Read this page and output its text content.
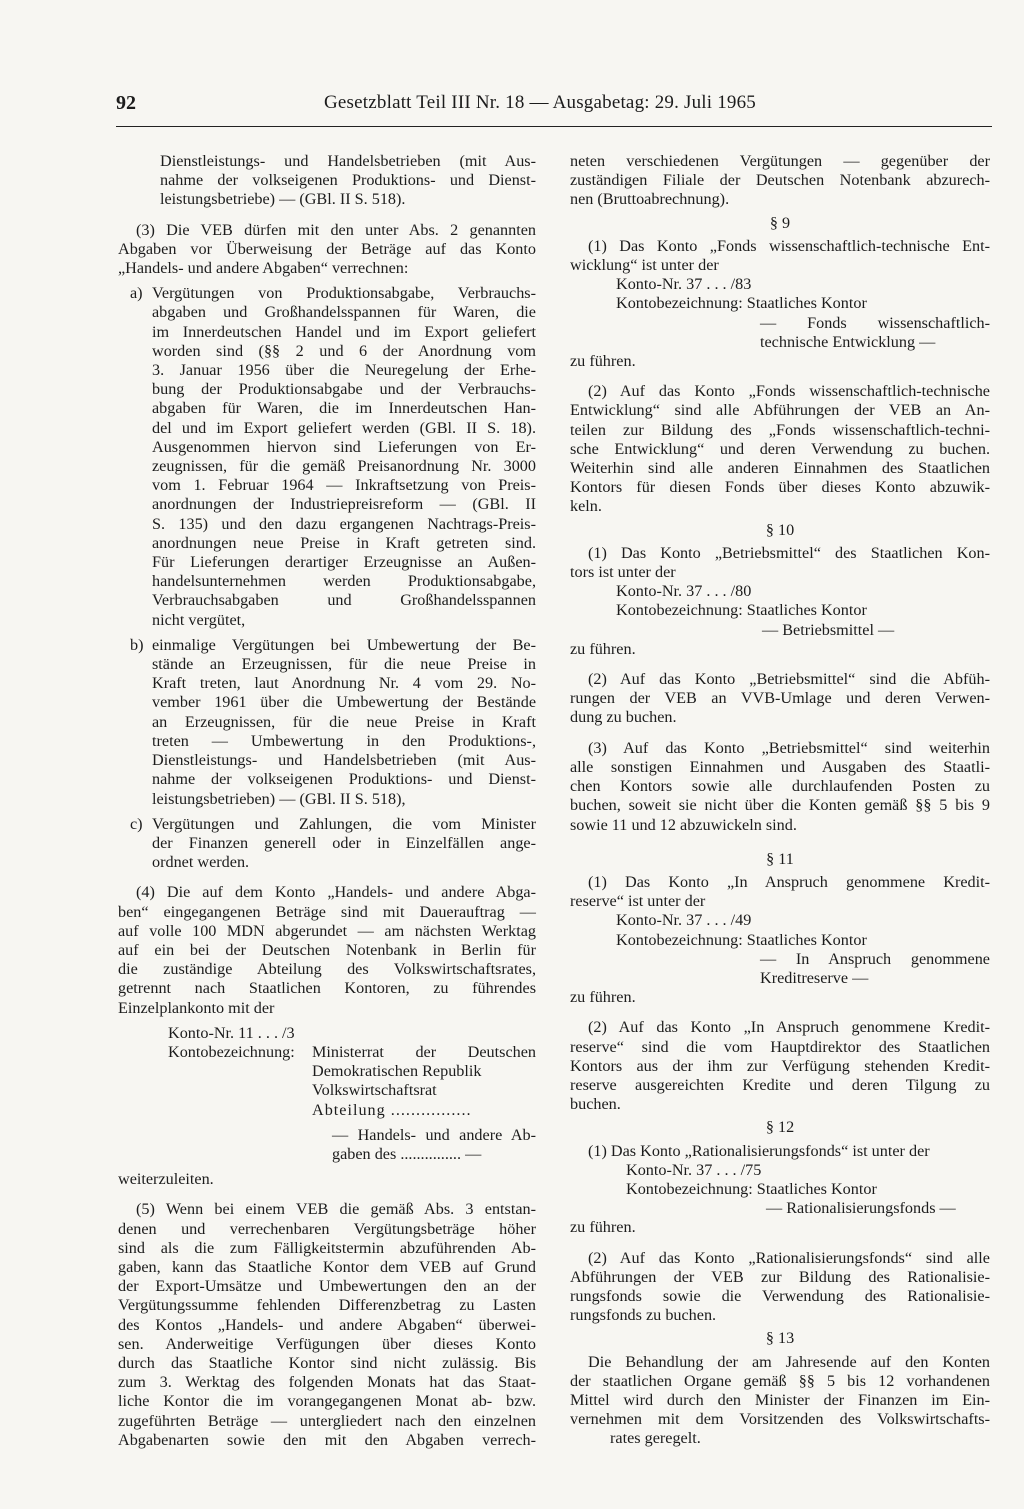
92	Gesetzblatt Teil III Nr. 18 — Ausgabetag: 29. Juli 1965

Dienstleistungs- und Handelsbetrieben (mit Aus-

nahme der volkseigenen Produktions- und Dienst-

leistungsbetriebe) — (GBl. II S. 518).

(3) Die VEB dürfen mit den unter Abs. 2 genannten

Abgaben vor Überweisung der Beträge auf das Konto

„Handels- und andere Abgaben“ verrechnen:

a) Vergütungen von Produktionsabgabe, Verbrauchs-

abgaben und Großhandelsspannen für Waren, die

im Innerdeutschen Handel und im Export geliefert

worden sind (§§ 2 und 6 der Anordnung vom

3. Januar 1956 über die Neuregelung der Erhe-

bung der Produktionsabgabe und der Verbrauchs-

abgaben für Waren, die im Innerdeutschen Han-

del und im Export geliefert werden (GBl. II S. 18).

Ausgenommen hiervon sind Lieferungen von Er-

zeugnissen, für die gemäß Preisanordnung Nr. 3000

vom 1. Februar 1964 — Inkraftsetzung von Preis-

anordnungen der Industriepreisreform — (GBl. II

S. 135) und den dazu ergangenen Nachtrags-Preis-

anordnungen neue Preise in Kraft getreten sind.

Für Lieferungen derartiger Erzeugnisse an Außen-

handelsunternehmen werden Produktionsabgabe,

Verbrauchsabgaben und Großhandelsspannen

nicht vergütet,

b) einmalige Vergütungen bei Umbewertung der Be-

stände an Erzeugnissen, für die neue Preise in

Kraft treten, laut Anordnung Nr. 4 vom 29. No-

vember 1961 über die Umbewertung der Bestände

an Erzeugnissen, für die neue Preise in Kraft

treten — Umbewertung in den Produktions-,

Dienstleistungs- und Handelsbetrieben (mit Aus-

nahme der volkseigenen Produktions- und Dienst-

leistungsbetrieben) — (GBl. II S. 518),

c) Vergütungen und Zahlungen, die vom Minister

der Finanzen generell oder in Einzelfällen ange-

ordnet werden.

(4) Die auf dem Konto „Handels- und andere Abga-

ben“ eingegangenen Beträge sind mit Dauerauftrag —

auf volle 100 MDN abgerundet — am nächsten Werktag

auf ein bei der Deutschen Notenbank in Berlin für

die zuständige Abteilung des Volkswirtschaftsrates,

getrennt nach Staatlichen Kontoren, zu führendes

Einzelplankonto mit der

Konto-Nr. 11 . . . /3

Kontobezeichnung:	Ministerrat der Deutschen

Demokratischen Republik

Volkswirtschaftsrat

Abteilung ................

— Handels- und andere Ab-

gaben des ............... —

weiterzuleiten.

(5) Wenn bei einem VEB die gemäß Abs. 3 entstan-

denen und verrechenbaren Vergütungsbeträge höher

sind als die zum Fälligkeitstermin abzuführenden Ab-

gaben, kann das Staatliche Kontor dem VEB auf Grund

der Export-Umsätze und Umbewertungen den an der

Vergütungssumme fehlenden Differenzbetrag zu Lasten

des Kontos „Handels- und andere Abgaben“ überwei-

sen. Anderweitige Verfügungen über dieses Konto

durch das Staatliche Kontor sind nicht zulässig. Bis

zum 3. Werktag des folgenden Monats hat das Staat-

liche Kontor die im vorangegangenen Monat ab- bzw.

zugeführten Beträge — untergliedert nach den einzelnen

Abgabenarten sowie den mit den Abgaben verrech-

neten verschiedenen Vergütungen — gegenüber der

zuständigen Filiale der Deutschen Notenbank abzurech-

nen (Bruttoabrechnung).

§ 9

(1) Das Konto „Fonds wissenschaftlich-technische Ent-

wicklung“ ist unter der

Konto-Nr. 37 . . . /83

Kontobezeichnung: Staatliches Kontor

— Fonds wissenschaftlich-

technische Entwicklung —

zu führen.

(2) Auf das Konto „Fonds wissenschaftlich-technische

Entwicklung“ sind alle Abführungen der VEB an An-

teilen zur Bildung des „Fonds wissenschaftlich-techni-

sche Entwicklung“ und deren Verwendung zu buchen.

Weiterhin sind alle anderen Einnahmen des Staatlichen

Kontors für diesen Fonds über dieses Konto abzuwik-

keln.

§ 10

(1) Das Konto „Betriebsmittel“ des Staatlichen Kon-

tors ist unter der

Konto-Nr. 37 . . . /80

Kontobezeichnung: Staatliches Kontor

— Betriebsmittel —

zu führen.

(2) Auf das Konto „Betriebsmittel“ sind die Abfüh-

rungen der VEB an VVB-Umlage und deren Verwen-

dung zu buchen.

(3) Auf das Konto „Betriebsmittel“ sind weiterhin

alle sonstigen Einnahmen und Ausgaben des Staatli-

chen Kontors sowie alle durchlaufenden Posten zu

buchen, soweit sie nicht über die Konten gemäß §§ 5 bis 9

sowie 11 und 12 abzuwickeln sind.

§ 11

(1) Das Konto „In Anspruch genommene Kredit-

reserve“ ist unter der

Konto-Nr. 37 . . . /49

Kontobezeichnung: Staatliches Kontor

— In Anspruch genommene

Kreditreserve —

zu führen.

(2) Auf das Konto „In Anspruch genommene Kredit-

reserve“ sind die vom Hauptdirektor des Staatlichen

Kontors aus der ihm zur Verfügung stehenden Kredit-

reserve ausgereichten Kredite und deren Tilgung zu

buchen.

§ 12

(1) Das Konto „Rationalisierungsfonds“ ist unter der

Konto-Nr. 37 . . . /75

Kontobezeichnung: Staatliches Kontor

— Rationalisierungsfonds —

zu führen.

(2) Auf das Konto „Rationalisierungsfonds“ sind alle

Abführungen der VEB zur Bildung des Rationalisie-

rungsfonds sowie die Verwendung des Rationalisie-

rungsfonds zu buchen.

§ 13

Die Behandlung der am Jahresende auf den Konten

der staatlichen Organe gemäß §§ 5 bis 12 vorhandenen

Mittel wird durch den Minister der Finanzen im Ein-

vernehmen mit dem Vorsitzenden des Volkswirtschafts-

rates geregelt.
